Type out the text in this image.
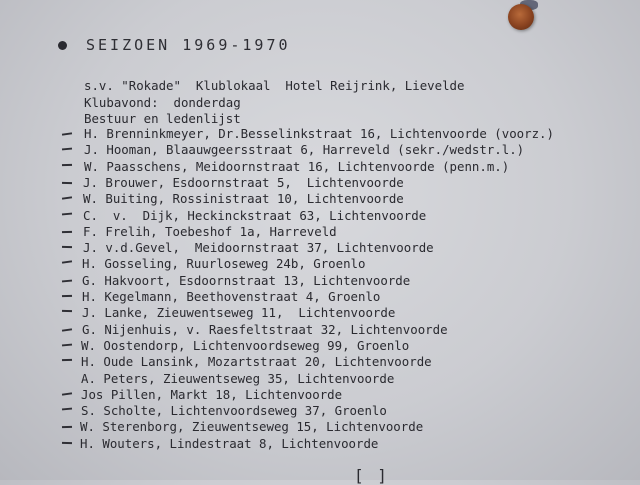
SEIZOEN 1969-1970
s.v. "Rokade"  Klublokaal  Hotel Reijrink, Lievelde
Klubavond:  donderdag
Bestuur en ledenlijst
H. Brenninkmeyer, Dr.Besselinkstraat 16, Lichtenvoorde (voorz.)
J. Hooman, Blaauwgeersstraat 6, Harreveld (sekr./wedstr.l.)
W. Paasschens, Meidoornstraat 16, Lichtenvoorde (penn.m.)
J. Brouwer, Esdoornstraat 5,  Lichtenvoorde
W. Buiting, Rossinistraat 10, Lichtenvoorde
C.  v.  Dijk, Heckinckstraat 63, Lichtenvoorde
F. Frelih, Toebeshof 1a, Harreveld
J. v.d.Gevel,  Meidoornstraat 37, Lichtenvoorde
H. Gosseling, Ruurloseweg 24b, Groenlo
G. Hakvoort, Esdoornstraat 13, Lichtenvoorde
H. Kegelmann, Beethovenstraat 4, Groenlo
J. Lanke, Zieuwentseweg 11,  Lichtenvoorde
G. Nijenhuis, v. Raesfeltstraat 32, Lichtenvoorde
W. Oostendorp, Lichtenvoordseweg 99, Groenlo
H. Oude Lansink, Mozartstraat 20, Lichtenvoorde
A. Peters, Zieuwentseweg 35, Lichtenvoorde
Jos Pillen, Markt 18, Lichtenvoorde
S. Scholte, Lichtenvoordseweg 37, Groenlo
W. Sterenborg, Zieuwentseweg 15, Lichtenvoorde
H. Wouters, Lindestraat 8, Lichtenvoorde
[ ]
